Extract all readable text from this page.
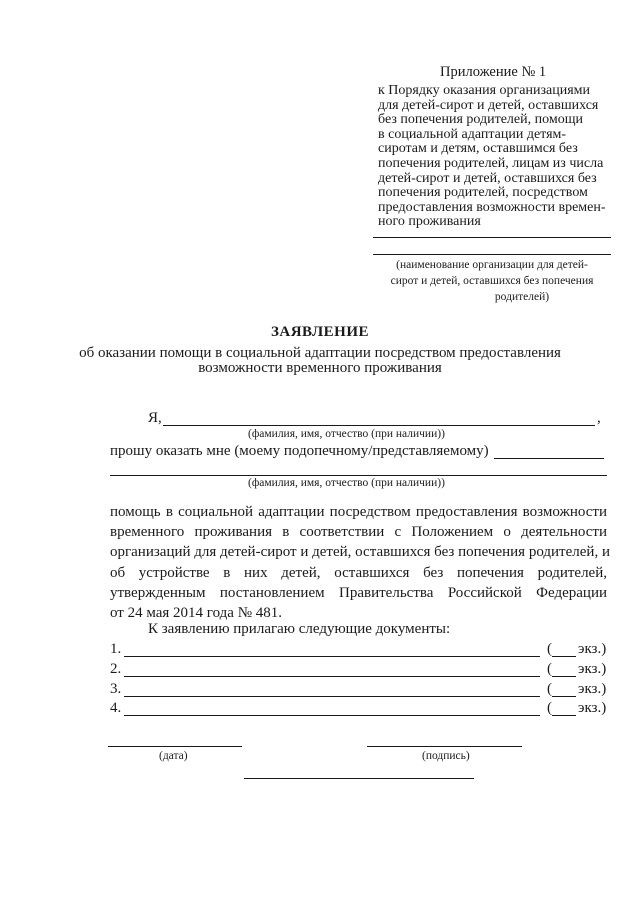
Приложение № 1
к Порядку оказания организациями
для детей-сирот и детей, оставшихся
без попечения родителей, помощи
в социальной адаптации детям-
сиротам и детям, оставшимся без
попечения родителей, лицам из числа
детей-сирот и детей, оставшихся без
попечения родителей, посредством
предоставления возможности времен-
ного проживания
(наименование организации для детей-
сирот и детей, оставшихся без попечения
родителей)
ЗАЯВЛЕНИЕ
об оказании помощи в социальной адаптации посредством предоставления
возможности временного проживания
Я,	,
(фамилия, имя, отчество (при наличии))
прошу оказать мне (моему подопечному/представляемому)
(фамилия, имя, отчество (при наличии))
помощь в социальной адаптации посредством предоставления возможности
временного проживания в соответствии с Положением о деятельности
организаций для детей-сирот и детей, оставшихся без попечения родителей, и
об устройстве в них детей, оставшихся без попечения родителей,
утвержденным постановлением Правительства Российской Федерации
от 24 мая 2014 года № 481.
К заявлению прилагаю следующие документы:
1.	( экз.)
2.	( экз.)
3.	( экз.)
4.	( экз.)
(дата)	(подпись)
